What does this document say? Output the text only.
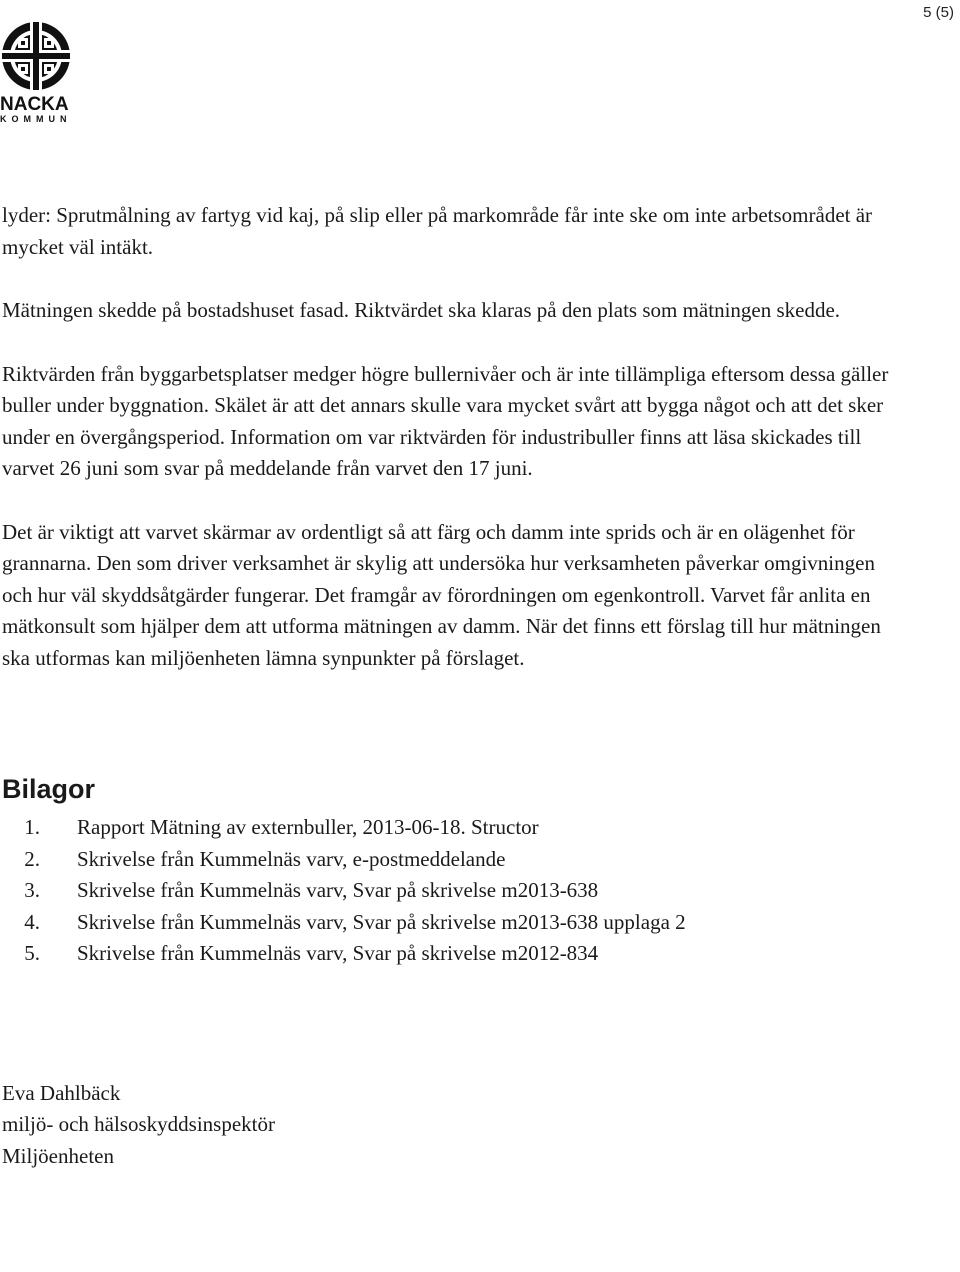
5 (5)
NACKA
KOMMUN

lyder: Sprutmålning av fartyg vid kaj, på slip eller på markområde får inte ske om inte arbetsområdet är mycket väl intäkt.

Mätningen skedde på bostadshuset fasad. Riktvärdet ska klaras på den plats som mätningen skedde.

Riktvärden från byggarbetsplatser medger högre bullernivåer och är inte tillämpliga eftersom dessa gäller buller under byggnation. Skälet är att det annars skulle vara mycket svårt att bygga något och att det sker under en övergångsperiod. Information om var riktvärden för industribuller finns att läsa skickades till varvet 26 juni som svar på meddelande från varvet den 17 juni.

Det är viktigt att varvet skärmar av ordentligt så att färg och damm inte sprids och är en olägenhet för grannarna. Den som driver verksamhet är skylig att undersöka hur verksamheten påverkar omgivningen och hur väl skyddsåtgärder fungerar. Det framgår av förordningen om egenkontroll. Varvet får anlita en mätkonsult som hjälper dem att utforma mätningen av damm. När det finns ett förslag till hur mätningen ska utformas kan miljöenheten lämna synpunkter på förslaget.

Bilagor
1.	Rapport Mätning av externbuller, 2013-06-18. Structor
2.	Skrivelse från Kummelnäs varv, e-postmeddelande
3.	Skrivelse från Kummelnäs varv, Svar på skrivelse m2013-638
4.	Skrivelse från Kummelnäs varv, Svar på skrivelse m2013-638 upplaga 2
5.	Skrivelse från Kummelnäs varv, Svar på skrivelse m2012-834
Eva Dahlbäck
miljö- och hälsoskyddsinspektör
Miljöenheten
